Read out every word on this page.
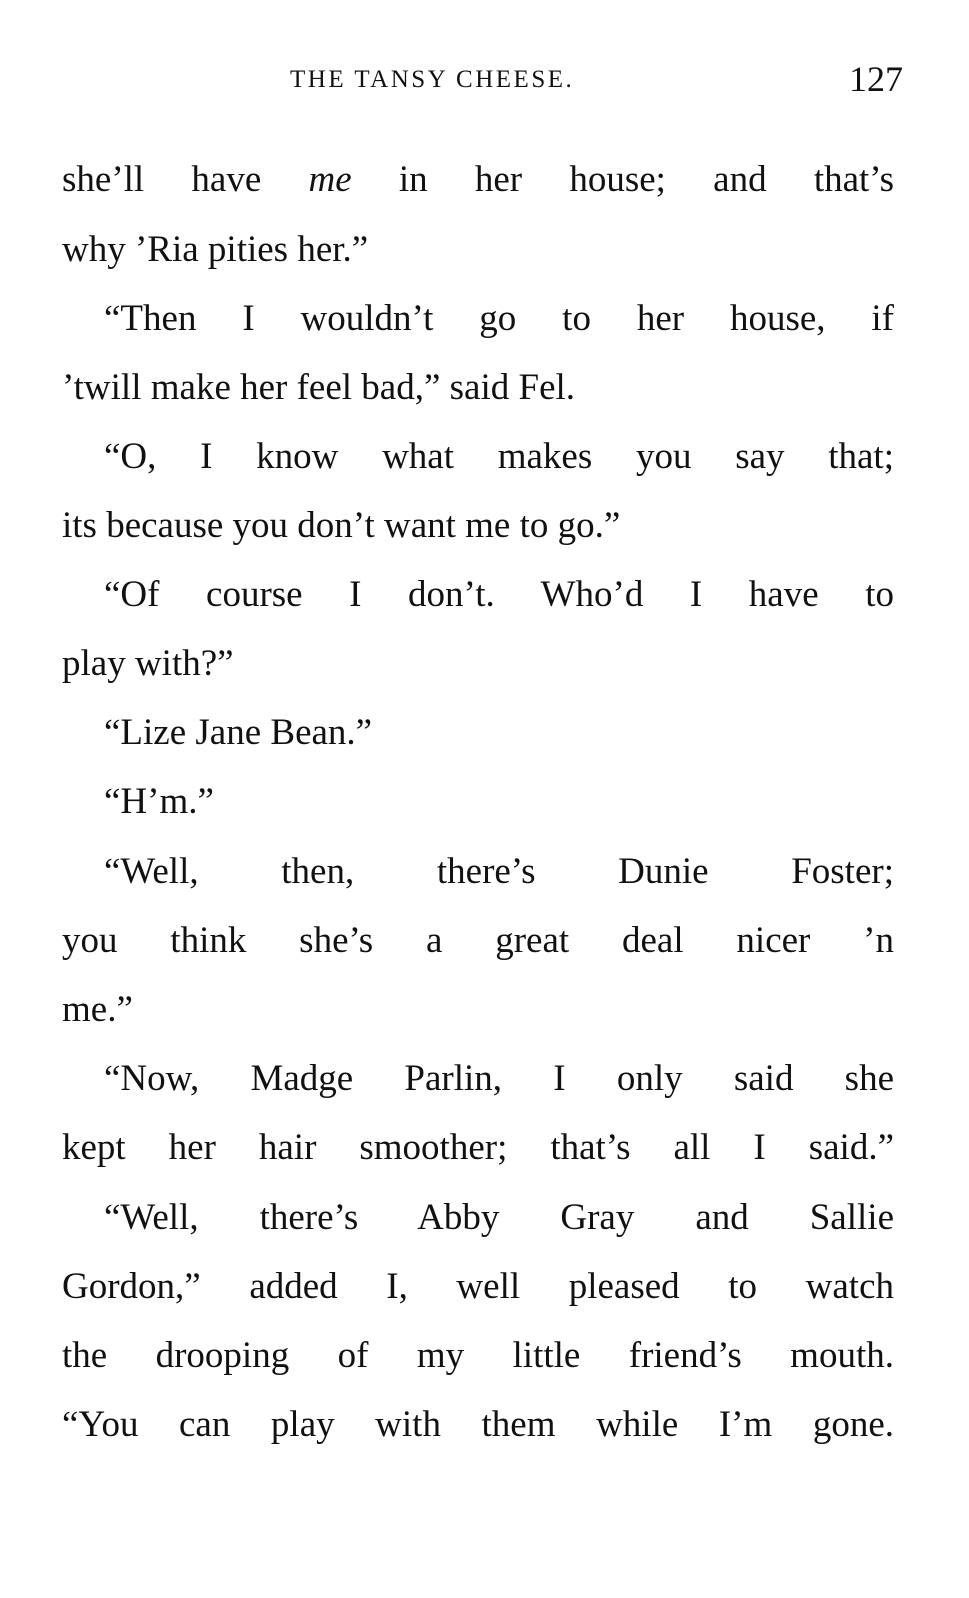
THE TANSY CHEESE.	127
she’ll have me in her house; and that’s
why ’Ria pities her.”
“Then I wouldn’t go to her house, if
’twill make her feel bad,” said Fel.
“O, I know what makes you say that;
its because you don’t want me to go.”
“Of course I don’t. Who’d I have to
play with?”
“Lize Jane Bean.”
“H’m.”
“Well, then, there’s Dunie Foster;
you think she’s a great deal nicer ’n
me.”
“Now, Madge Parlin, I only said she
kept her hair smoother; that’s all I said.”
“Well, there’s Abby Gray and Sallie
Gordon,” added I, well pleased to watch
the drooping of my little friend’s mouth.
“You can play with them while I’m gone.
